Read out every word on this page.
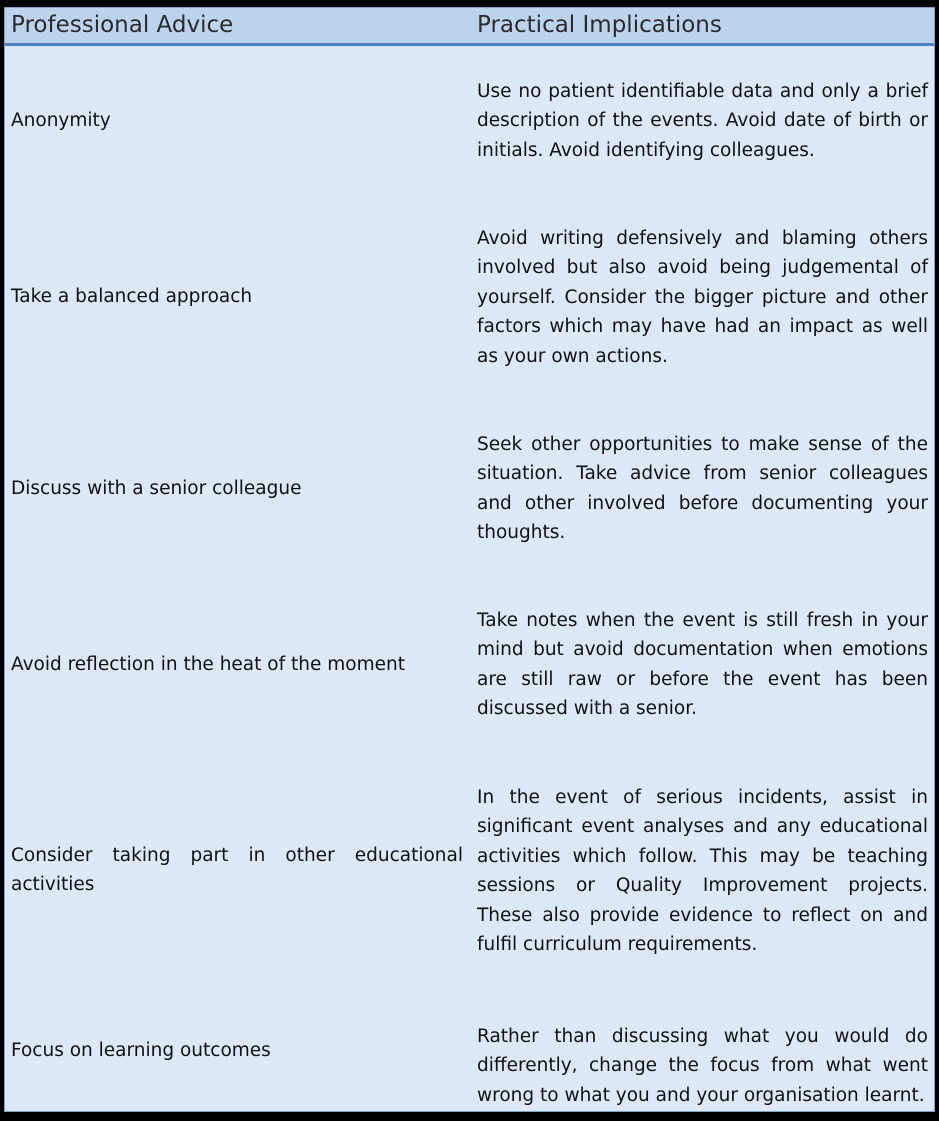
Professional Advice	Practical Implications
Anonymity
Use no patient identifiable data and only a brief description of the events. Avoid date of birth or initials. Avoid identifying colleagues.
Take a balanced approach
Avoid writing defensively and blaming others involved but also avoid being judgemental of yourself. Consider the bigger picture and other factors which may have had an impact as well as your own actions.
Discuss with a senior colleague
Seek other opportunities to make sense of the situation. Take advice from senior colleagues and other involved before documenting your thoughts.
Avoid reflection in the heat of the moment
Take notes when the event is still fresh in your mind but avoid documentation when emotions are still raw or before the event has been discussed with a senior.
Consider taking part in other educational activities
In the event of serious incidents, assist in significant event analyses and any educational activities which follow. This may be teaching sessions or Quality Improvement projects. These also provide evidence to reflect on and fulfil curriculum requirements.
Focus on learning outcomes
Rather than discussing what you would do differently, change the focus from what went wrong to what you and your organisation learnt.
